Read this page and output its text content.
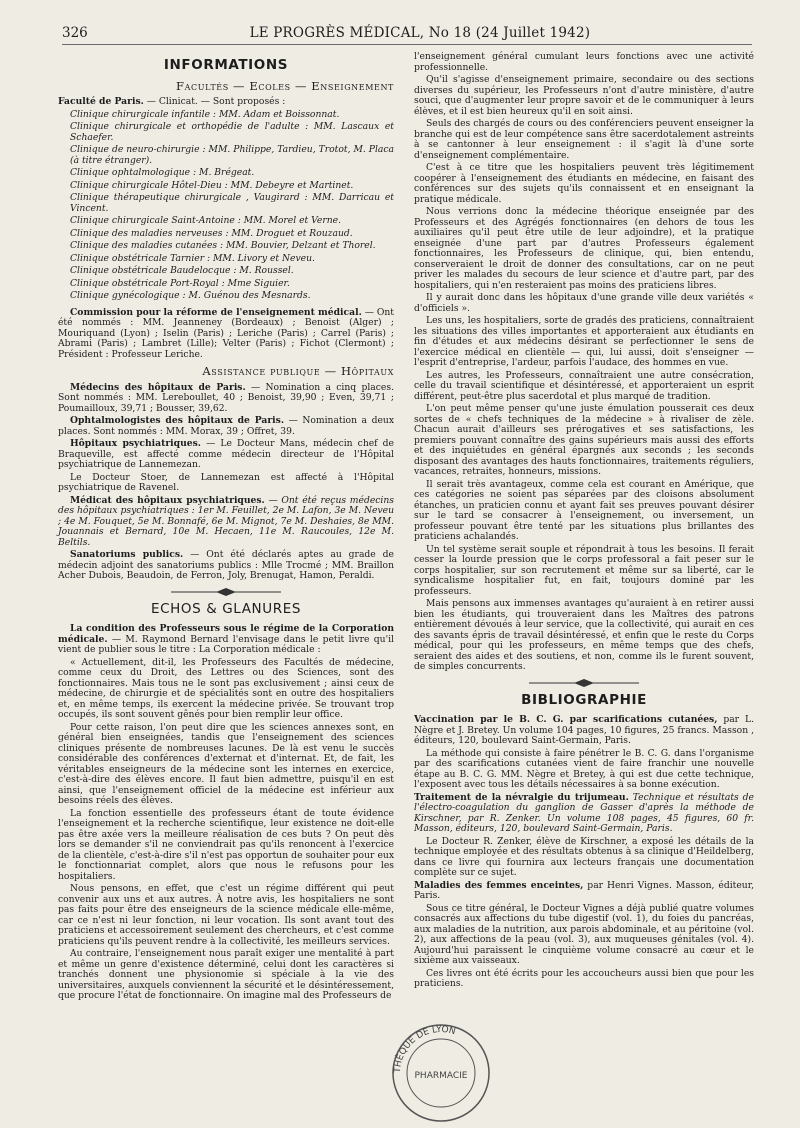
326	LE PROGRÈS MÉDICAL, No 18 (24 Juillet 1942)
INFORMATIONS
Facultés — Ecoles — Enseignement

Faculté de Paris. — Clinicat. — Sont proposés :

Clinique chirurgicale infantile : MM. Adam et Boissonnat.

Clinique chirurgicale et orthopédie de l'adulte : MM. Lascaux et Schaefer.

Clinique de neuro-chirurgie : MM. Philippe, Tardieu, Trotot, M. Placa (à titre étranger).

Clinique ophtalmologique : M. Brégeat.

Clinique chirurgicale Hôtel-Dieu : MM. Debeyre et Martinet.

Clinique thérapeutique chirurgicale , Vaugirard : MM. Darricau et Vincent.

Clinique chirurgicale Saint-Antoine : MM. Morel et Verne.

Clinique des maladies nerveuses : MM. Droguet et Rouzaud.

Clinique des maladies cutanées : MM. Bouvier, Delzant et Thorel.

Clinique obstétricale Tarnier : MM. Livory et Neveu.

Clinique obstétricale Baudelocque : M. Roussel.

Clinique obstétricale Port-Royal : Mme Siguier.

Clinique gynécologique : M. Guénou des Mesnards.

Commission pour la réforme de l'enseignement médical. — Ont été nommés : MM. Jeanneney (Bordeaux) ; Benoist (Alger) ; Mouriquand (Lyon) ; Iselin (Paris) ; Leriche (Paris) ; Carrel (Paris) ; Abrami (Paris) ; Lambret (Lille); Velter (Paris) ; Fichot (Clermont) ; Président : Professeur Leriche.

Assistance publique — Hôpitaux

Médecins des hôpitaux de Paris. — Nomination a cinq places. Sont nommés : MM. Lereboullet, 40 ; Benoist, 39,90 ; Even, 39,71 ; Poumailloux, 39,71 ; Bousser, 39,62.

Ophtalmologistes des hôpitaux de Paris. — Nomination a deux places. Sont nommés : MM. Morax, 39 ; Offret, 39.

Hôpitaux psychiatriques. — Le Docteur Mans, médecin chef de Braqueville, est affecté comme médecin directeur de l'Hôpital psychiatrique de Lannemezan.

Le Docteur Stoer, de Lannemezan est affecté à l'Hôpital psychiatrique de Ravenel.

Médicat des hôpitaux psychiatriques. — Ont été reçus médecins des hôpitaux psychiatriques : 1er M. Feuillet, 2e M. Lafon, 3e M. Neveu ; 4e M. Fouquet, 5e M. Bonnafé, 6e M. Mignot, 7e M. Deshaies, 8e MM. Jouannais et Bernard, 10e M. Hecaen, 11e M. Raucoules, 12e M. Beltils.

Sanatoriums publics. — Ont été déclarés aptes au grade de médecin adjoint des sanatoriums publics : Mlle Trocmé ; MM. Braillon Acher Dubois, Beaudoin, de Ferron, Joly, Brenugat, Hamon, Peraldi.

ECHOS & GLANURES

La condition des Professeurs sous le régime de la Corporation médicale. — M. Raymond Bernard l'envisage dans le petit livre qu'il vient de publier sous le titre : La Corporation médicale :

« Actuellement, dit-il, les Professeurs des Facultés de médecine, comme ceux du Droit, des Lettres ou des Sciences, sont des fonctionnaires. Mais tous ne le sont pas exclusivement ; ainsi ceux de médecine, de chirurgie et de spécialités sont en outre des hospitaliers et, en même temps, ils exercent la médecine privée. Se trouvant trop occupés, ils sont souvent gênés pour bien remplir leur office.

Pour cette raison, l'on peut dire que les sciences annexes sont, en général bien enseignées, tandis que l'enseignement des sciences cliniques présente de nombreuses lacunes. De là est venu le succès considérable des conférences d'externat et d'internat. Et, de fait, les véritables enseigneurs de la médecine sont les internes en exercice, c'est-à-dire des élèves encore. Il faut bien admettre, puisqu'il en est ainsi, que l'enseignement officiel de la médecine est inférieur aux besoins réels des élèves.

La fonction essentielle des professeurs étant de toute évidence l'enseignement et la recherche scientifique, leur existence ne doit-elle pas être axée vers la meilleure réalisation de ces buts ? On peut dès lors se demander s'il ne conviendrait pas qu'ils renoncent à l'exercice de la clientèle, c'est-à-dire s'il n'est pas opportun de souhaiter pour eux le fonctionnariat complet, alors que nous le refusons pour les hospitaliers.

Nous pensons, en effet, que c'est un régime différent qui peut convenir aux uns et aux autres. À notre avis, les hospitaliers ne sont pas faits pour être des enseigneurs de la science médicale elle-même, car ce n'est ni leur fonction, ni leur vocation. Ils sont avant tout des praticiens et accessoirement seulement des chercheurs, et c'est comme praticiens qu'ils peuvent rendre à la collectivité, les meilleurs services.

Au contraire, l'enseignement nous paraît exiger une mentalité à part et même un genre d'existence déterminé, celui dont les caractères si tranchés donnent une physionomie si spéciale à la vie des universitaires, auxquels conviennent la sécurité et le désintéressement, que procure l'état de fonctionnaire. On imagine mal des Professeurs de

l'enseignement général cumulant leurs fonctions avec une activité professionnelle.

Qu'il s'agisse d'enseignement primaire, secondaire ou des sections diverses du supérieur, les Professeurs n'ont d'autre ministère, d'autre souci, que d'augmenter leur propre savoir et de le communiquer à leurs élèves, et il est bien heureux qu'il en soit ainsi.

Seuls des chargés de cours ou des conférenciers peuvent enseigner la branche qui est de leur compétence sans être sacerdotalement astreints à se cantonner à leur enseignement : il s'agit là d'une sorte d'enseignement complémentaire.

C'est à ce titre que les hospitaliers peuvent très légitimement coopérer à l'enseignement des étudiants en médecine, en faisant des conférences sur des sujets qu'ils connaissent et en enseignant la pratique médicale.

Nous verrions donc la médecine théorique enseignée par des Professeurs et des Agrégés fonctionnaires (en dehors de tous les auxiliaires qu'il peut être utile de leur adjoindre), et la pratique enseignée d'une part par d'autres Professeurs également fonctionnaires, les Professeurs de clinique, qui, bien entendu, conserveraient le droit de donner des consultations, car on ne peut priver les malades du secours de leur science et d'autre part, par des hospitaliers, qui n'en resteraient pas moins des praticiens libres.

Il y aurait donc dans les hôpitaux d'une grande ville deux variétés « d'officiels ».

Les uns, les hospitaliers, sorte de gradés des praticiens, connaîtraient les situations des villes importantes et apporteraient aux étudiants en fin d'études et aux médecins désirant se perfectionner le sens de l'exercice médical en clientèle — qui, lui aussi, doit s'enseigner — l'esprit d'entreprise, l'ardeur, parfois l'audace, des hommes en vue.

Les autres, les Professeurs, connaîtraient une autre consécration, celle du travail scientifique et désintéressé, et apporteraient un esprit différent, peut-être plus sacerdotal et plus marqué de tradition.

L'on peut même penser qu'une juste émulation pousserait ces deux sortes de « chefs techniques de la médecine » à rivaliser de zèle. Chacun aurait d'ailleurs ses prérogatives et ses satisfactions, les premiers pouvant connaître des gains supérieurs mais aussi des efforts et des inquiétudes en général épargnés aux seconds ; les seconds disposant des avantages des hauts fonctionnaires, traitements réguliers, vacances, retraites, honneurs, missions.

Il serait très avantageux, comme cela est courant en Amérique, que ces catégories ne soient pas séparées par des cloisons absolument étanches, un praticien connu et ayant fait ses preuves pouvant désirer sur le tard se consacrer à l'enseignement, ou inversement, un professeur pouvant être tenté par les situations plus brillantes des praticiens achalandés.

Un tel système serait souple et répondrait à tous les besoins. Il ferait cesser la lourde pression que le corps professoral a fait peser sur le corps hospitalier, sur son recrutement et même sur sa liberté, car le syndicalisme hospitalier fut, en fait, toujours dominé par les professeurs.

Mais pensons aux immenses avantages qu'auraient à en retirer aussi bien les étudiants, qui trouveraient dans les Maîtres des patrons entièrement dévoués à leur service, que la collectivité, qui aurait en ces des savants épris de travail désintéressé, et enfin que le reste du Corps médical, pour qui les professeurs, en même temps que des chefs, seraient des aides et des soutiens, et non, comme ils le furent souvent, de simples concurrents.

BIBLIOGRAPHIE

Vaccination par le B. C. G. par scarifications cutanées, par L. Nègre et J. Bretey. Un volume 104 pages, 10 figures, 25 francs. Masson , éditeurs, 120, boulevard Saint-Germain, Paris.

La méthode qui consiste à faire pénétrer le B. C. G. dans l'organisme par des scarifications cutanées vient de faire franchir une nouvelle étape au B. C. G. MM. Nègre et Bretey, à qui est due cette technique, l'exposent avec tous les détails nécessaires à sa bonne exécution.

Traitement de la névralgie du trijumeau. Technique et résultats de l'électro-coagulation du ganglion de Gasser d'après la méthode de Kirschner, par R. Zenker. Un volume 108 pages, 45 figures, 60 fr. Masson, éditeurs, 120, boulevard Saint-Germain, Paris.

Le Docteur R. Zenker, élève de Kirschner, a exposé les détails de la technique employée et des résultats obtenus à sa clinique d'Heildelberg, dans ce livre qui fournira aux lecteurs français une documentation complète sur ce sujet.

Maladies des femmes enceintes, par Henri Vignes. Masson, éditeur, Paris.

Sous ce titre général, le Docteur Vignes a déjà publié quatre volumes consacrés aux affections du tube digestif (vol. 1), du foies du pancréas, aux maladies de la nutrition, aux parois abdominale, et au péritoine (vol. 2), aux affections de la peau (vol. 3), aux muqueuses génitales (vol. 4). Aujourd'hui paraissent le cinquième volume consacré au cœur et le sixième aux vaisseaux.

Ces livres ont été écrits pour les accoucheurs aussi bien que pour les praticiens.

THÈQUE DE LYON
PHARMACIE
